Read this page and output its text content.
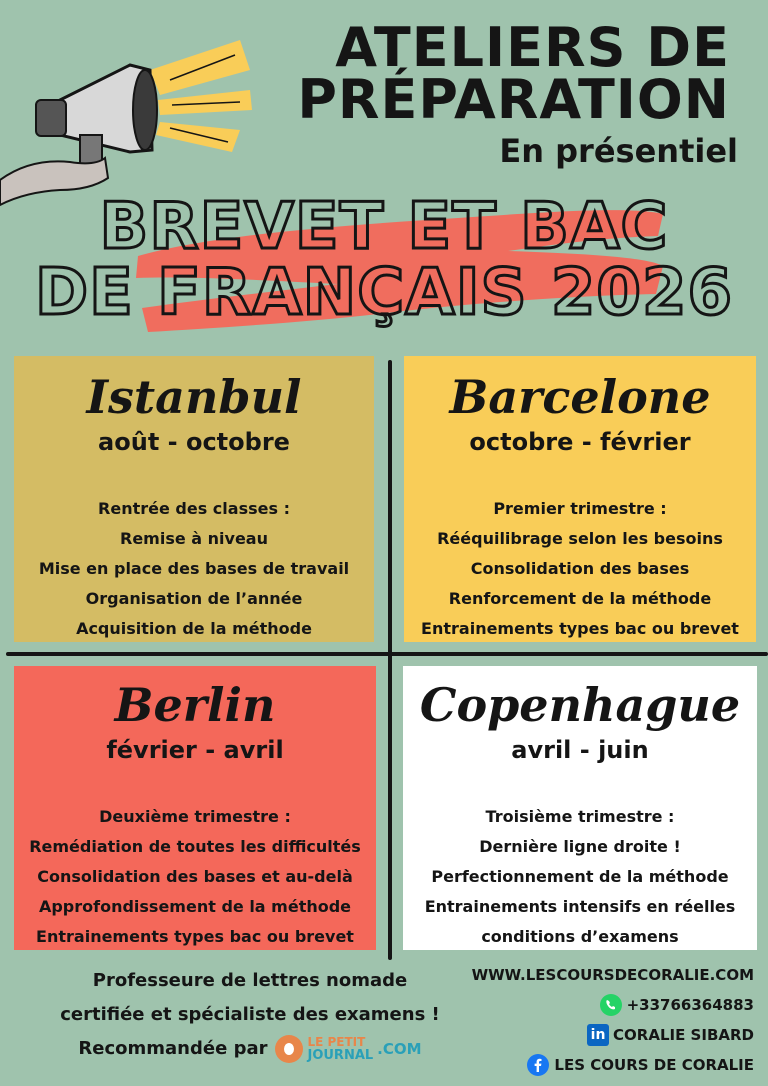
ATELIERS DE
PRÉPARATION

En présentiel

BREVET ET BAC
DE FRANÇAIS 2026

Istanbul

août - octobre

Rentrée des classes :
Remise à niveau
Mise en place des bases de travail
Organisation de l’année
Acquisition de la méthode

Barcelone

octobre - février

Premier trimestre :
Rééquilibrage selon les besoins
Consolidation des bases
Renforcement de la méthode
Entrainements types bac ou brevet

Berlin

février - avril

Deuxième trimestre :
Remédiation de toutes les difficultés
Consolidation des bases et au-delà
Approfondissement de la méthode
Entrainements types bac ou brevet

Copenhague

avril - juin

Troisième trimestre :
Dernière ligne droite !
Perfectionnement de la méthode
Entrainements intensifs en réelles
conditions d’examens
Professeure de lettres nomade
certifiée et spécialiste des examens !
Recommandée par	LE PETIT
JOURNAL .COM
WWW.LESCOURSDECORALIE.COM
+33766364883
in CORALIE SIBARD
LES COURS DE CORALIE
